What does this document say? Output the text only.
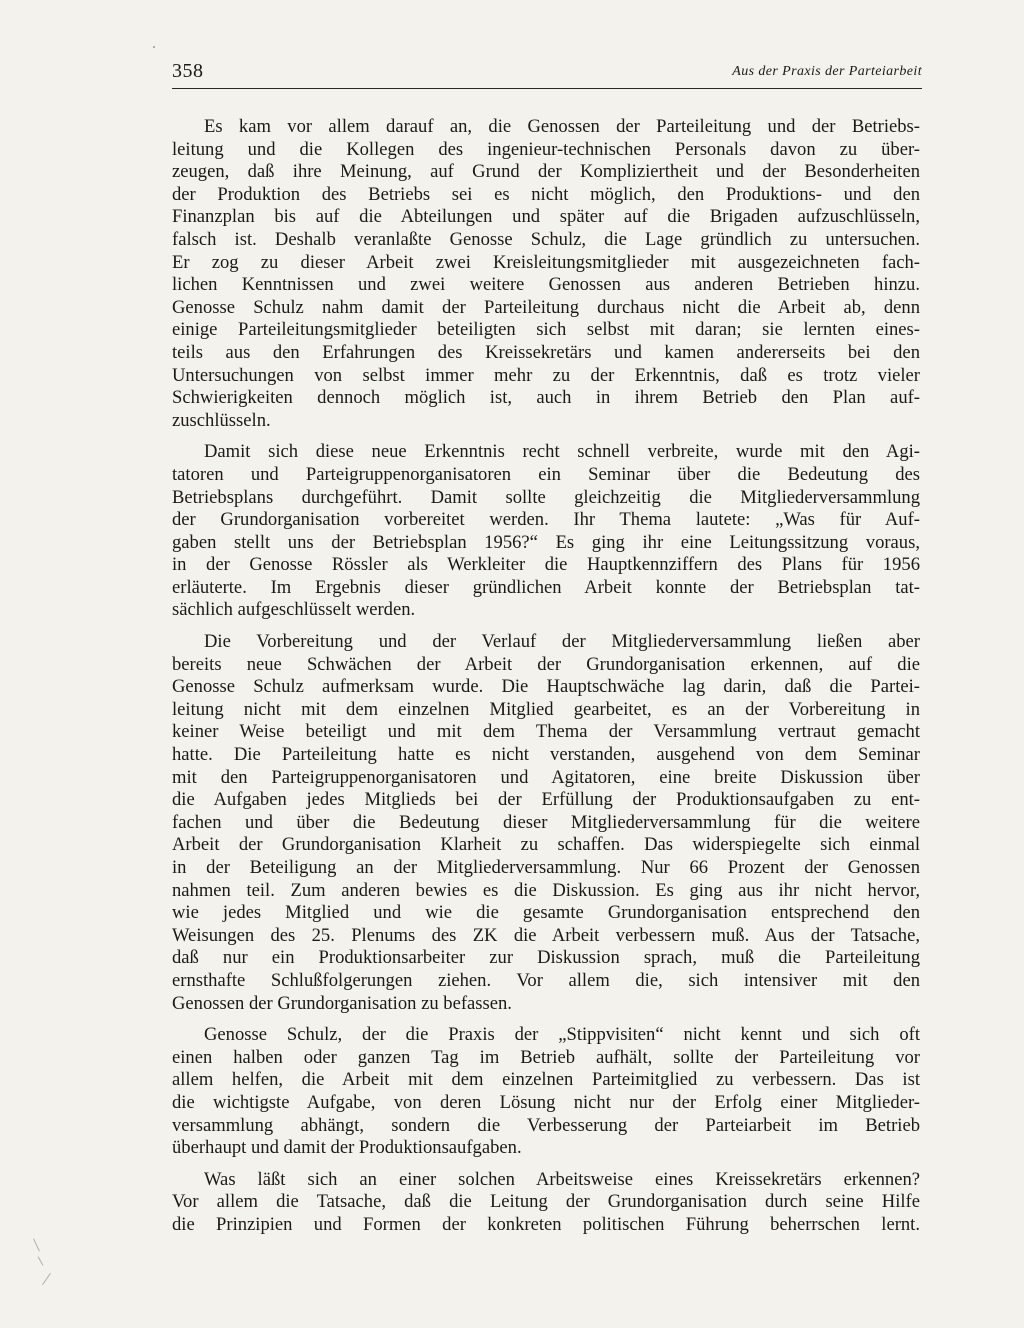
358	Aus der Praxis der Parteiarbeit
Es kam vor allem darauf an, die Genossen der Parteileitung und der Betriebs-
leitung und die Kollegen des ingenieur-technischen Personals davon zu über-
zeugen, daß ihre Meinung, auf Grund der Kompliziertheit und der Besonderheiten
der Produktion des Betriebs sei es nicht möglich, den Produktions- und den
Finanzplan bis auf die Abteilungen und später auf die Brigaden aufzuschlüsseln,
falsch ist. Deshalb veranlaßte Genosse Schulz, die Lage gründlich zu untersuchen.
Er zog zu dieser Arbeit zwei Kreisleitungsmitglieder mit ausgezeichneten fach-
lichen Kenntnissen und zwei weitere Genossen aus anderen Betrieben hinzu.
Genosse Schulz nahm damit der Parteileitung durchaus nicht die Arbeit ab, denn
einige Parteileitungsmitglieder beteiligten sich selbst mit daran; sie lernten eines-
teils aus den Erfahrungen des Kreissekretärs und kamen andererseits bei den
Untersuchungen von selbst immer mehr zu der Erkenntnis, daß es trotz vieler
Schwierigkeiten dennoch möglich ist, auch in ihrem Betrieb den Plan auf-
zuschlüsseln.
Damit sich diese neue Erkenntnis recht schnell verbreite, wurde mit den Agi-
tatoren und Parteigruppenorganisatoren ein Seminar über die Bedeutung des
Betriebsplans durchgeführt. Damit sollte gleichzeitig die Mitgliederversammlung
der Grundorganisation vorbereitet werden. Ihr Thema lautete: „Was für Auf-
gaben stellt uns der Betriebsplan 1956?“ Es ging ihr eine Leitungssitzung voraus,
in der Genosse Rössler als Werkleiter die Hauptkennziffern des Plans für 1956
erläuterte. Im Ergebnis dieser gründlichen Arbeit konnte der Betriebsplan tat-
sächlich aufgeschlüsselt werden.
Die Vorbereitung und der Verlauf der Mitgliederversammlung ließen aber
bereits neue Schwächen der Arbeit der Grundorganisation erkennen, auf die
Genosse Schulz aufmerksam wurde. Die Hauptschwäche lag darin, daß die Partei-
leitung nicht mit dem einzelnen Mitglied gearbeitet, es an der Vorbereitung in
keiner Weise beteiligt und mit dem Thema der Versammlung vertraut gemacht
hatte. Die Parteileitung hatte es nicht verstanden, ausgehend von dem Seminar
mit den Parteigruppenorganisatoren und Agitatoren, eine breite Diskussion über
die Aufgaben jedes Mitglieds bei der Erfüllung der Produktionsaufgaben zu ent-
fachen und über die Bedeutung dieser Mitgliederversammlung für die weitere
Arbeit der Grundorganisation Klarheit zu schaffen. Das widerspiegelte sich einmal
in der Beteiligung an der Mitgliederversammlung. Nur 66 Prozent der Genossen
nahmen teil. Zum anderen bewies es die Diskussion. Es ging aus ihr nicht hervor,
wie jedes Mitglied und wie die gesamte Grundorganisation entsprechend den
Weisungen des 25. Plenums des ZK die Arbeit verbessern muß. Aus der Tatsache,
daß nur ein Produktionsarbeiter zur Diskussion sprach, muß die Parteileitung
ernsthafte Schlußfolgerungen ziehen. Vor allem die, sich intensiver mit den
Genossen der Grundorganisation zu befassen.
Genosse Schulz, der die Praxis der „Stippvisiten“ nicht kennt und sich oft
einen halben oder ganzen Tag im Betrieb aufhält, sollte der Parteileitung vor
allem helfen, die Arbeit mit dem einzelnen Parteimitglied zu verbessern. Das ist
die wichtigste Aufgabe, von deren Lösung nicht nur der Erfolg einer Mitglieder-
versammlung abhängt, sondern die Verbesserung der Parteiarbeit im Betrieb
überhaupt und damit der Produktionsaufgaben.
Was läßt sich an einer solchen Arbeitsweise eines Kreissekretärs erkennen?
Vor allem die Tatsache, daß die Leitung der Grundorganisation durch seine Hilfe
die Prinzipien und Formen der konkreten politischen Führung beherrschen lernt.
